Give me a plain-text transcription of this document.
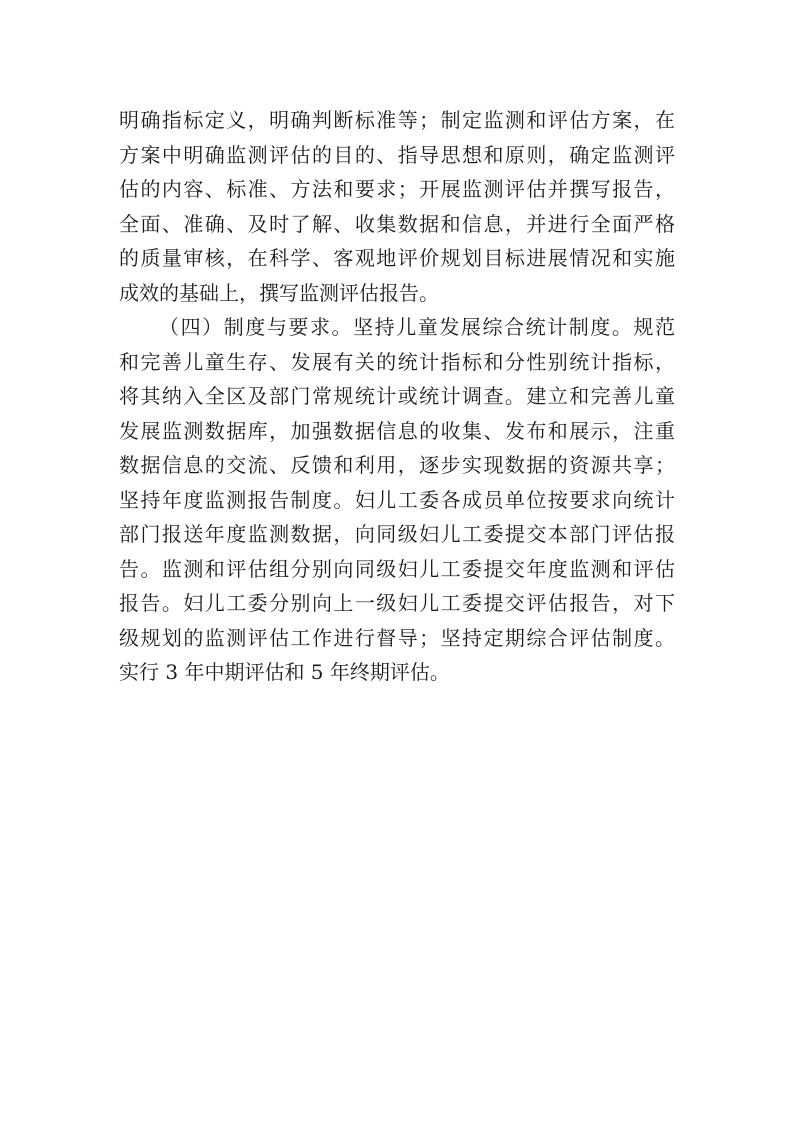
明确指标定义，明确判断标准等；制定监测和评估方案，在
方案中明确监测评估的目的、指导思想和原则，确定监测评
估的内容、标准、方法和要求；开展监测评估并撰写报告，
全面、准确、及时了解、收集数据和信息，并进行全面严格
的质量审核，在科学、客观地评价规划目标进展情况和实施
成效的基础上，撰写监测评估报告。
（四）制度与要求。坚持儿童发展综合统计制度。规范
和完善儿童生存、发展有关的统计指标和分性别统计指标，
将其纳入全区及部门常规统计或统计调查。建立和完善儿童
发展监测数据库，加强数据信息的收集、发布和展示，注重
数据信息的交流、反馈和利用，逐步实现数据的资源共享；
坚持年度监测报告制度。妇儿工委各成员单位按要求向统计
部门报送年度监测数据，向同级妇儿工委提交本部门评估报
告。监测和评估组分别向同级妇儿工委提交年度监测和评估
报告。妇儿工委分别向上一级妇儿工委提交评估报告，对下
级规划的监测评估工作进行督导；坚持定期综合评估制度。
实行 3 年中期评估和 5 年终期评估。
